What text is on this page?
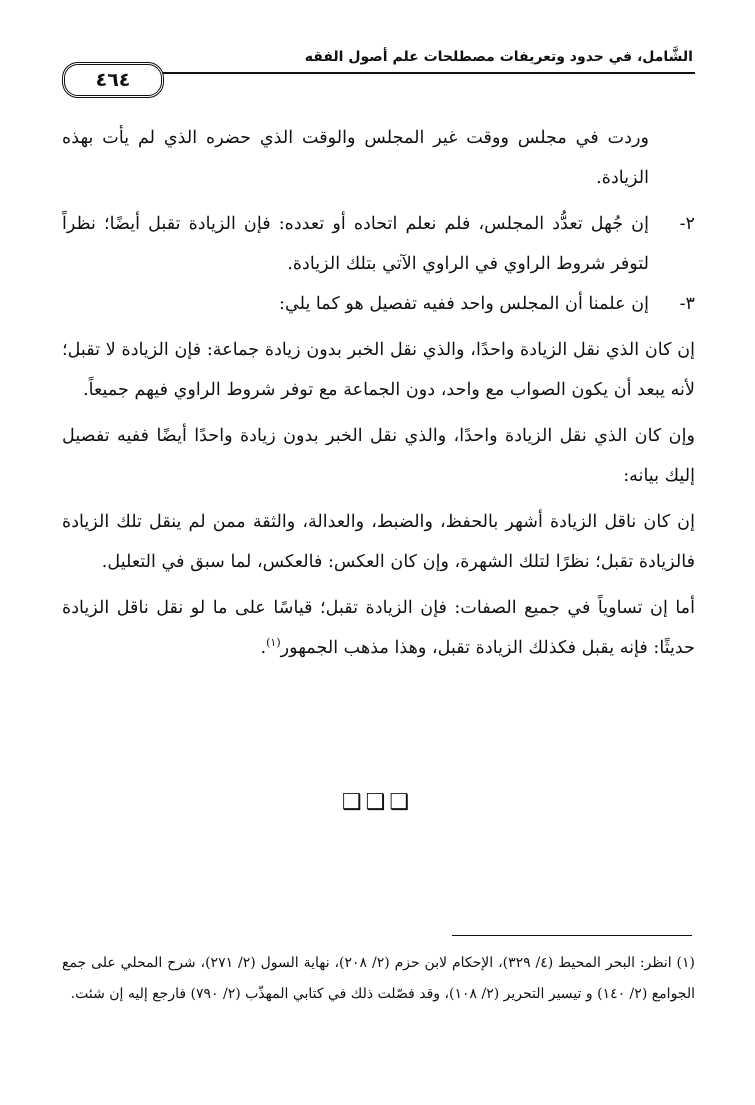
الشَّامل، في حدود وتعريفات مصطلحات علم أصول الفقه
٤٦٤

وردت في مجلس ووقت غير المجلس والوقت الذي حضره الذي لم يأت بهذه الزيادة.

٢-
إن جُهل تعدُّد المجلس، فلم نعلم اتحاده أو تعدده: فإن الزيادة تقبل أيضًا؛ نظراً لتوفر شروط الراوي في الراوي الآتي بتلك الزيادة.

٣-
إن علمنا أن المجلس واحد ففيه تفصيل هو كما يلي:

إن كان الذي نقل الزيادة واحدًا، والذي نقل الخبر بدون زيادة جماعة: فإن الزيادة لا تقبل؛ لأنه يبعد أن يكون الصواب مع واحد، دون الجماعة مع توفر شروط الراوي فيهم جميعاً.

وإن كان الذي نقل الزيادة واحدًا، والذي نقل الخبر بدون زيادة واحدًا أيضًا ففيه تفصيل إليك بيانه:

إن كان ناقل الزيادة أشهر بالحفظ، والضبط، والعدالة، والثقة ممن لم ينقل تلك الزيادة فالزيادة تقبل؛ نظرًا لتلك الشهرة، وإن كان العكس: فالعكس، لما سبق في التعليل.

أما إن تساوياً في جميع الصفات: فإن الزيادة تقبل؛ قياسًا على ما لو نقل ناقل الزيادة حديثًا: فإنه يقبل فكذلك الزيادة تقبل، وهذا مذهب الجمهور$^{(١)}$.

❑❑❑
(١) انظر: البحر المحيط (٤/ ٣٢٩)، الإحكام لابن حزم (٢/ ٢٠٨)، نهاية السول (٢/ ٢٧١)، شرح المحلي على جمع الجوامع (٢/ ١٤٠) و تيسير التحرير (٢/ ١٠٨)، وقد فصّلت ذلك في كتابي المهذّب (٢/ ٧٩٠) فارجع إليه إن شئت.
